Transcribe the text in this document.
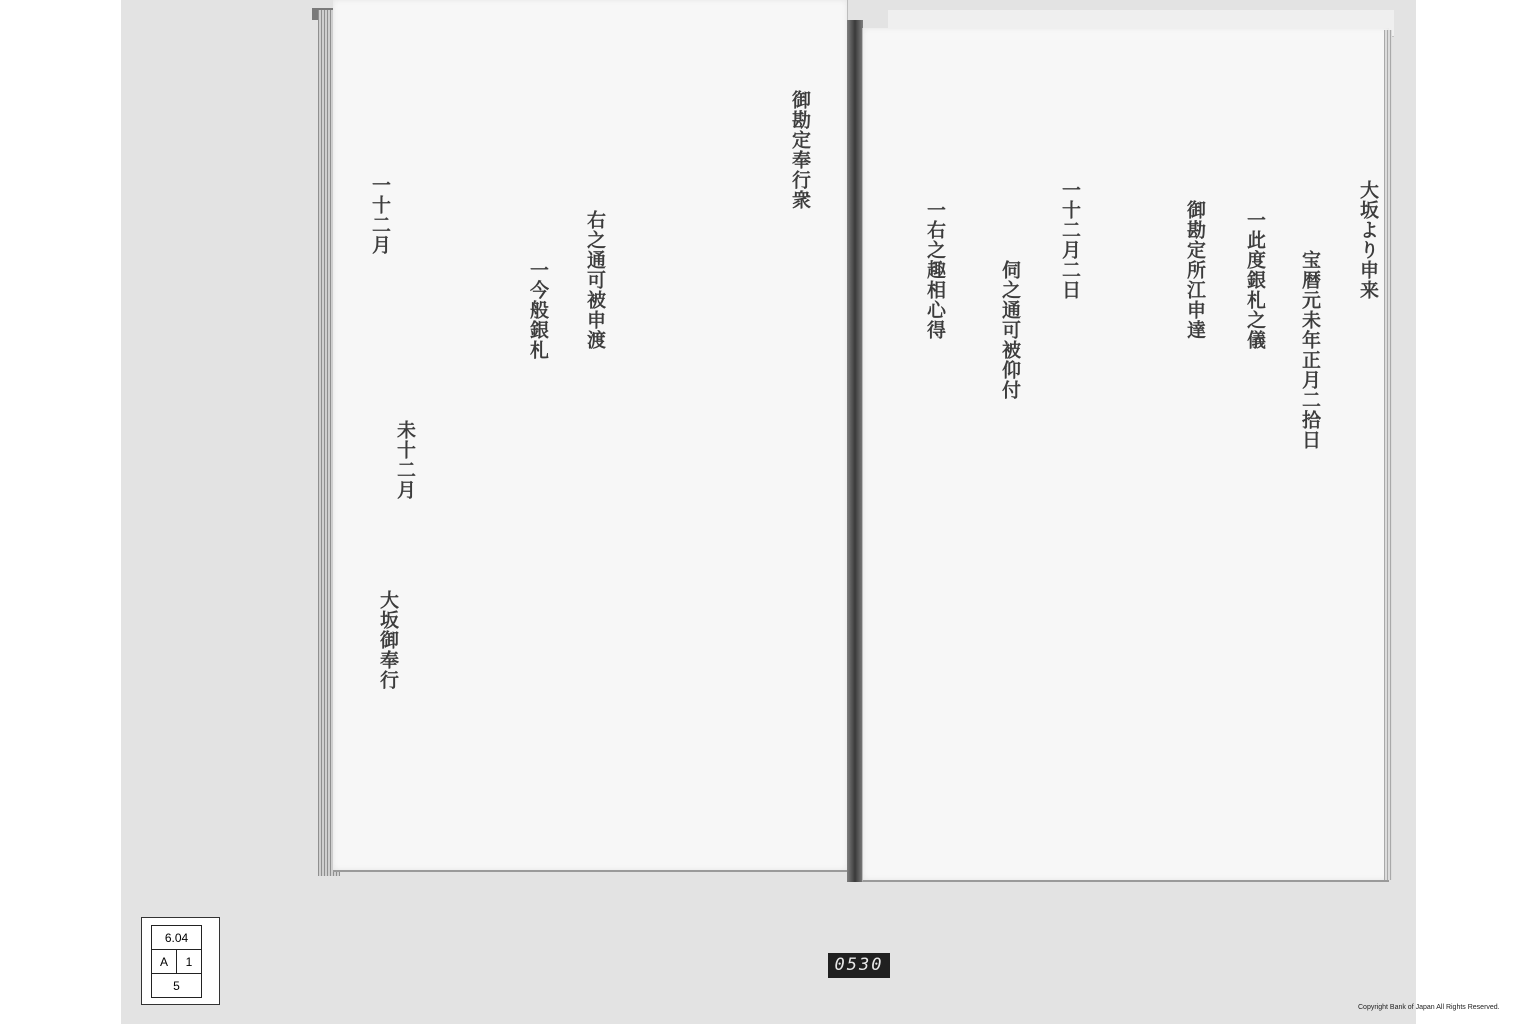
大坂より申来
宝暦元未年正月二拾日
一此度銀札之儀
御勘定所江申達
一十二月二日
伺之通可被仰付
一右之趣相心得
御勘定奉行衆
一今般銀札 右之通可被申渡
一十二月
未十二月
大坂御奉行
6.04
A	1
5
0530
Copyright Bank of Japan All Rights Reserved.
